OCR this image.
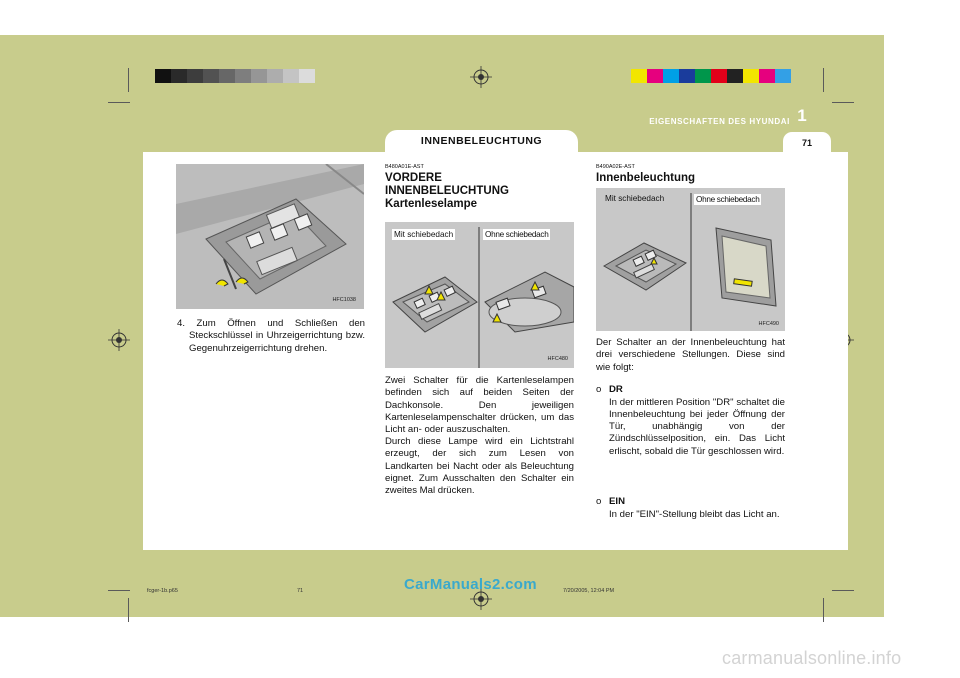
EIGENSCHAFTEN DES HYUNDAI 1
71
INNENBELEUCHTUNG
HFC1038
4. Zum Öffnen und Schließen den Steckschlüssel in Uhrzeigerrichtung bzw. Gegenuhrzeigerrichtung drehen.
B480A01E-AST
VORDERE INNENBELEUCHTUNG Kartenleselampe
Mit schiebedach	Ohne schiebedach
HFC480
Zwei Schalter für die Kartenleselampen befinden sich auf beiden Seiten der Dachkonsole. Den jeweiligen Kartenleselampenschalter drücken, um das Licht an- oder auszuschalten.
Durch diese Lampe wird ein Lichtstrahl erzeugt, der sich zum Lesen von Landkarten bei Nacht oder als Beleuchtung eignet. Zum Ausschalten den Schalter ein zweites Mal drücken.
B490A02E-AST
Innenbeleuchtung
Mit schiebedach	Ohne schiebedach
HFC490
Der Schalter an der Innenbeleuchtung hat drei verschiedene Stellungen. Diese sind wie folgt:
o DR
In der mittleren Position "DR" schaltet die Innenbeleuchtung bei jeder Öffnung der Tür, unabhängig von der Zündschlüsselposition, ein. Das Licht erlischt, sobald die Tür geschlossen wird.
o EIN
In der "EIN"-Stellung bleibt das Licht an.
fcger-1b.p65	71	7/20/2005, 12:04 PM
CarManuals2.com
carmanualsonline.info
